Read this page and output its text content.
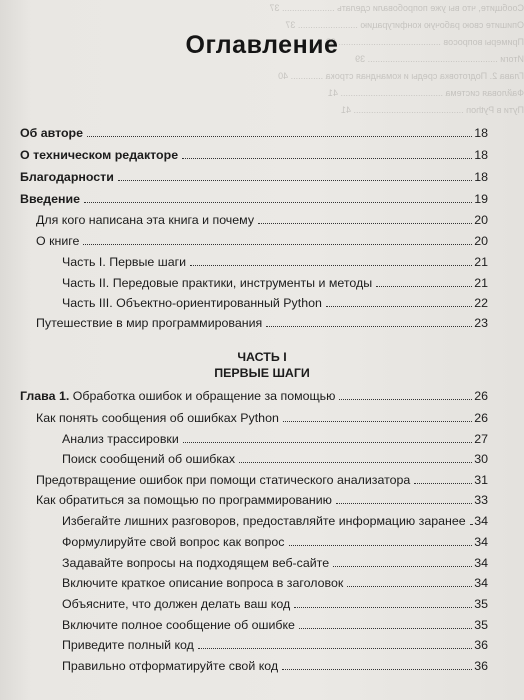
Сообщите, что вы уже попробовали сделать ..................... 37
Опишите свою рабочую конфигурацию ........................ 37
Примеры вопросов ......................................... 38
Итоги .................................................... 39
Глава 2. Подготовка среды и командная строка ............. 40
Файловая система ......................................... 41
Пути в Python ............................................ 41
Оглавление
Об авторе	18
О техническом редакторе	18
Благодарности	18
Введение	19
Для кого написана эта книга и почему	20
О книге	20
Часть I. Первые шаги	21
Часть II. Передовые практики, инструменты и методы	21
Часть III. Объектно-ориентированный Python	22
Путешествие в мир программирования	23
ЧАСТЬ I
ПЕРВЫЕ ШАГИ
Глава 1. Обработка ошибок и обращение за помощью	26
Как понять сообщения об ошибках Python	26
Анализ трассировки	27
Поиск сообщений об ошибках	30
Предотвращение ошибок при помощи статического анализатора	31
Как обратиться за помощью по программированию	33
Избегайте лишних разговоров, предоставляйте информацию заранее 34
Формулируйте свой вопрос как вопрос	34
Задавайте вопросы на подходящем веб-сайте	34
Включите краткое описание вопроса в заголовок	34
Объясните, что должен делать ваш код	35
Включите полное сообщение об ошибке	35
Приведите полный код	36
Правильно отформатируйте свой код	36
